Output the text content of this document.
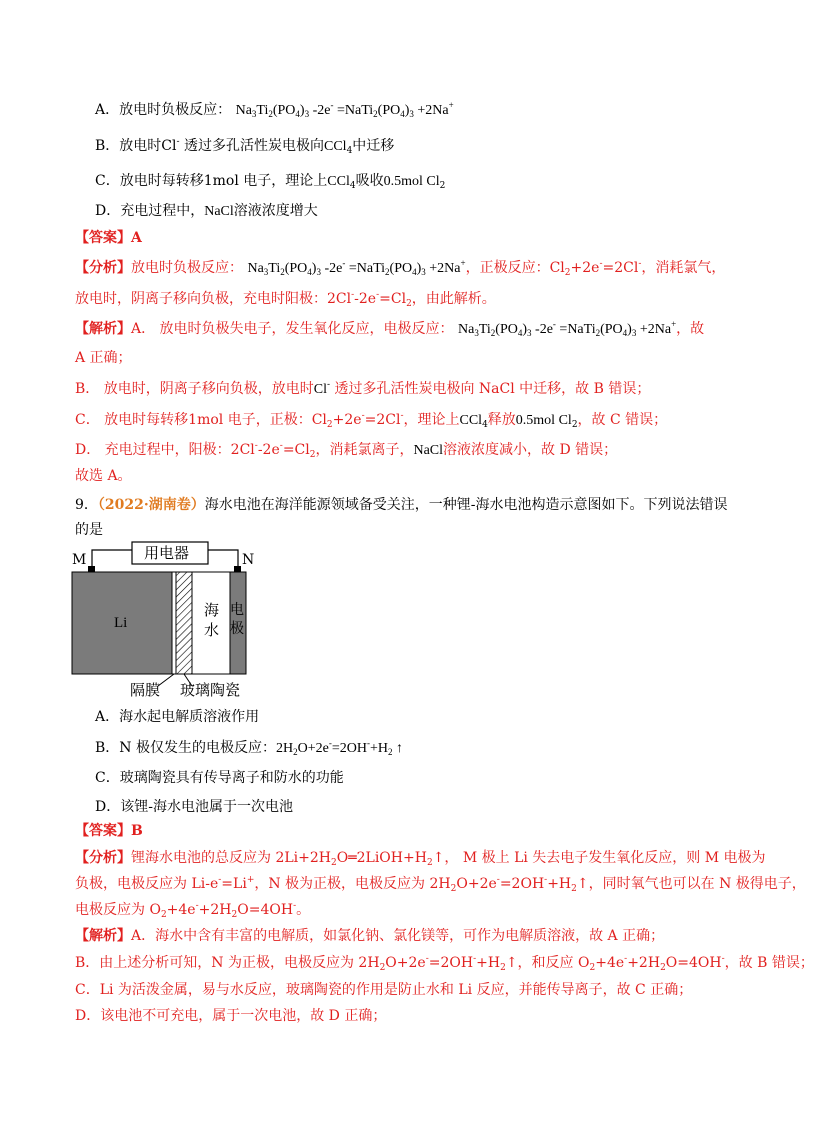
A．放电时负极反应： $Na_3Ti_2(PO_4)_3$ $-2e^- =NaTi_2(PO_4)_3 +2Na^+$
B．放电时Cl- 透过多孔活性炭电极向CCl$_4$中迁移
C．放电时每转移1mol 电子，理论上CCl$_4$吸收0.5mol $Cl_2$
D．充电过程中，NaCl溶液浓度增大
【答案】A
【分析】放电时负极反应： $Na_3Ti_2(PO_4)_3$ $-2e^- =NaTi_2(PO_4)_3 +2Na^+$，正极反应：$Cl_2+2e^-=2Cl^-$，消耗氯气，
放电时，阴离子移向负极，充电时阳极：$2Cl^--2e^-=Cl_2$，由此解析。
【解析】A． 放电时负极失电子，发生氧化反应，电极反应： $Na_3Ti_2(PO_4)_3$ $-2e^- =NaTi_2(PO_4)_3 +2Na^+$，故
A 正确；
B． 放电时，阴离子移向负极，放电时Cl- 透过多孔活性炭电极向 NaCl 中迁移，故 B 错误；
C． 放电时每转移1mol 电子，正极：$Cl_2+2e^-=2Cl^-$，理论上CCl$_4$释放0.5mol $Cl_2$，故 C 错误；
D． 充电过程中，阳极：$2Cl^--2e^-=Cl_2$，消耗氯离子，NaCl溶液浓度减小，故 D 错误；
故选 A。
9．（2022·湖南卷）海水电池在海洋能源领域备受关注，一种锂-海水电池构造示意图如下。下列说法错误
的是
用电器
M	N
Li
海
水
电
极
隔膜 玻璃陶瓷
A．海水起电解质溶液作用
B．N 极仅发生的电极反应：$2H_2O+2e^-=2OH^-+H_2$ ↑
C．玻璃陶瓷具有传导离子和防水的功能
D．该锂-海水电池属于一次电池
【答案】B
【分析】锂海水电池的总反应为 $2Li+2H_2O═2LiOH+H_2↑$， M 极上 Li 失去电子发生氧化反应，则 M 电极为
负极，电极反应为 Li-e-=Li+，N 极为正极，电极反应为 $2H_2O+2e^-=2OH^-+H_2↑$，同时氧气也可以在 N 极得电子，
电极反应为 $O_2+4e^-+2H_2O=4OH^-$。
【解析】A．海水中含有丰富的电解质，如氯化钠、氯化镁等，可作为电解质溶液，故 A 正确；
B．由上述分析可知，N 为正极，电极反应为 $2H_2O+2e^-=2OH^-+H_2↑$，和反应 $O_2+4e^-+2H_2O=4OH^-$，故 B 错误；
C．Li 为活泼金属，易与水反应，玻璃陶瓷的作用是防止水和 Li 反应，并能传导离子，故 C 正确；
D．该电池不可充电，属于一次电池，故 D 正确；
